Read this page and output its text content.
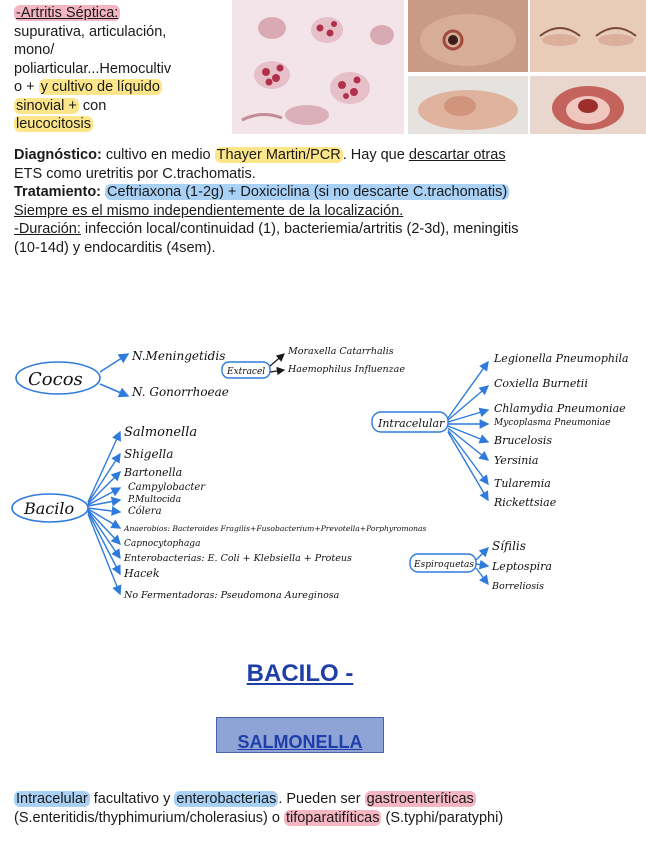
-Artritis Séptica:
supurativa, articulación,
mono/
poliarticular...Hemocultiv
o + y cultivo de líquido
sinovial + con
leucocitosis
Diagnóstico: cultivo en medio Thayer Martin/PCR . Hay que descartar otras
ETS como uretritis por C.trachomatis.
Tratamiento: Ceftriaxona (1-2g) + Doxiciclina (si no descarte C.trachomatis)
Siempre es el mismo independientemente de la localización.
-Duración: infección local/continuidad (1), bacteriemia/artritis (2-3d), meningitis
(10-14d) y endocarditis (4sem).
Cocos
N.Meningetidis
N. Gonorrhoeae
Extracel
Moraxella Catarrhalis
Haemophilus Influenzae
Intracelular
Legionella Pneumophila
Coxiella Burnetii
Chlamydia Pneumoniae
Mycoplasma Pneumoniae
Brucelosis
Yersinia
Tularemia
Rickettsiae
Bacilo
Salmonella
Shigella
Bartonella
Campylobacter
P.Multocida
Cólera
Anaerobios: Bacteroides Fragilis+Fusobacterium+Prevotella+Porphyromonas
Capnocytophaga
Enterobacterias: E. Coli + Klebsiella + Proteus
Hacek
No Fermentadoras: Pseudomona Aureginosa
Espiroquetas
Sífilis
Leptospira
Borreliosis
BACILO -
SALMONELLA
Intracelular facultativo y enterobacterias . Pueden ser gastroenteríticas
(S.enteritidis/thyphimurium/cholerasius) o tifoparatifíticas (S.typhi/paratyphi)
